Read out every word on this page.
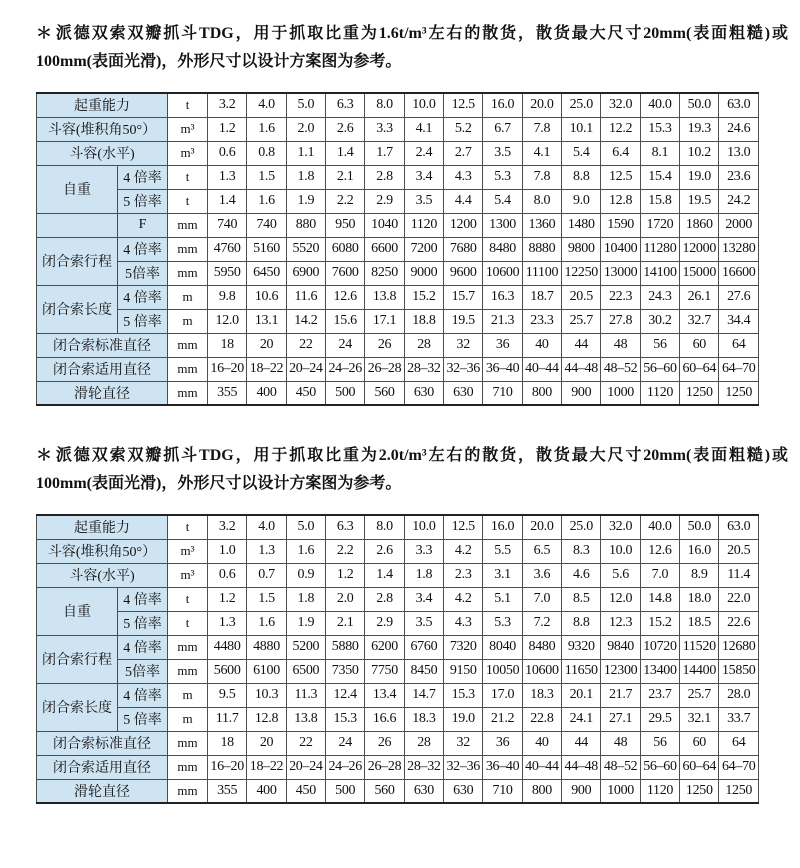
＊ 派德双索双瓣抓斗TDG，用于抓取比重为1.6t/m³左右的散货，散货最大尺寸20mm(表面粗糙)或100mm(表面光滑)，外形尺寸以设计方案图为参考。

起重能力		t	3.2	4.0	5.0	6.3	8.0	10.0	12.5	16.0	20.0	25.0	32.0	40.0	50.0	63.0
斗容(堆积角50°）		m³	1.2	1.6	2.0	2.6	3.3	4.1	5.2	6.7	7.8	10.1	12.2	15.3	19.3	24.6
斗容(水平)		m³	0.6	0.8	1.1	1.4	1.7	2.4	2.7	3.5	4.1	5.4	6.4	8.1	10.2	13.0
自重	4 倍率	t	1.3	1.5	1.8	2.1	2.8	3.4	4.3	5.3	7.8	8.8	12.5	15.4	19.0	23.6
	5 倍率	t	1.4	1.6	1.9	2.2	2.9	3.5	4.4	5.4	8.0	9.0	12.8	15.8	19.5	24.2
	F	mm	740	740	880	950	1040	1120	1200	1300	1360	1480	1590	1720	1860	2000
闭合索行程	4 倍率	mm	4760	5160	5520	6080	6600	7200	7680	8480	8880	9800	10400	11280	12000	13280
	5倍率	mm	5950	6450	6900	7600	8250	9000	9600	10600	11100	12250	13000	14100	15000	16600
闭合索长度	4 倍率	m	9.8	10.6	11.6	12.6	13.8	15.2	15.7	16.3	18.7	20.5	22.3	24.3	26.1	27.6
	5 倍率	m	12.0	13.1	14.2	15.6	17.1	18.8	19.5	21.3	23.3	25.7	27.8	30.2	32.7	34.4
闭合索标准直径		mm	18	20	22	24	26	28	32	36	40	44	48	56	60	64
闭合索适用直径		mm	16–20	18–22	20–24	24–26	26–28	28–32	32–36	36–40	40–44	44–48	48–52	56–60	60–64	64–70
滑轮直径		mm	355	400	450	500	560	630	630	710	800	900	1000	1120	1250	1250

＊ 派德双索双瓣抓斗TDG，用于抓取比重为2.0t/m³左右的散货，散货最大尺寸20mm(表面粗糙)或100mm(表面光滑)，外形尺寸以设计方案图为参考。

起重能力		t	3.2	4.0	5.0	6.3	8.0	10.0	12.5	16.0	20.0	25.0	32.0	40.0	50.0	63.0
斗容(堆积角50°）		m³	1.0	1.3	1.6	2.2	2.6	3.3	4.2	5.5	6.5	8.3	10.0	12.6	16.0	20.5
斗容(水平)		m³	0.6	0.7	0.9	1.2	1.4	1.8	2.3	3.1	3.6	4.6	5.6	7.0	8.9	11.4
自重	4 倍率	t	1.2	1.5	1.8	2.0	2.8	3.4	4.2	5.1	7.0	8.5	12.0	14.8	18.0	22.0
	5 倍率	t	1.3	1.6	1.9	2.1	2.9	3.5	4.3	5.3	7.2	8.8	12.3	15.2	18.5	22.6
闭合索行程	4 倍率	mm	4480	4880	5200	5880	6200	6760	7320	8040	8480	9320	9840	10720	11520	12680
	5倍率	mm	5600	6100	6500	7350	7750	8450	9150	10050	10600	11650	12300	13400	14400	15850
闭合索长度	4 倍率	m	9.5	10.3	11.3	12.4	13.4	14.7	15.3	17.0	18.3	20.1	21.7	23.7	25.7	28.0
	5 倍率	m	11.7	12.8	13.8	15.3	16.6	18.3	19.0	21.2	22.8	24.1	27.1	29.5	32.1	33.7
闭合索标准直径		mm	18	20	22	24	26	28	32	36	40	44	48	56	60	64
闭合索适用直径		mm	16–20	18–22	20–24	24–26	26–28	28–32	32–36	36–40	40–44	44–48	48–52	56–60	60–64	64–70
滑轮直径		mm	355	400	450	500	560	630	630	710	800	900	1000	1120	1250	1250
